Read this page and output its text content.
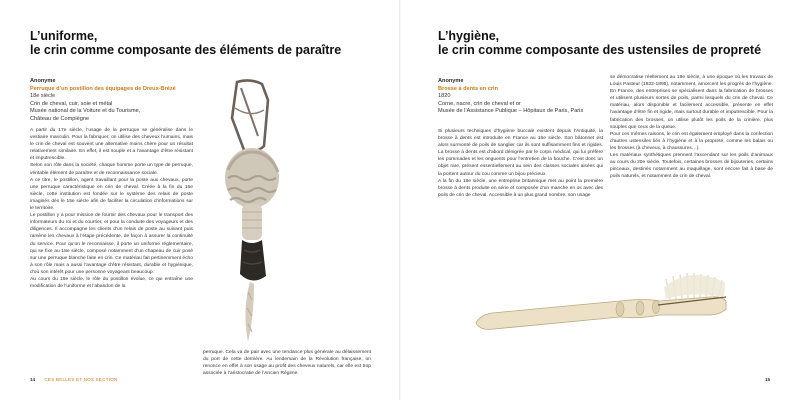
L’uniforme,
le crin comme composante des éléments de paraître
Anonyme
Perruque d’un postillon des équipages de Dreux-Brézé
18e siècle
Crin de cheval, cuir, soie et métal
Musée national de la Voiture et du Tourisme,
Château de Compiègne

A partir du 17e siècle, l’usage de la perruque se généralise dans le vestiaire masculin. Pour la fabriquer, on utilise des cheveux humains, mais le crin de cheval est souvent une alternative moins chère pour un résultat relativement similaire. En effet, il est souple et a l’avantage d’être résistant et imputrescible.

Selon son rôle dans la société, chaque homme porte un type de perruque, véritable élément de paraître et de reconnaissance sociale.

A ce titre, le postillon, agent travaillant pour la poste aux chevaux, porte une perruque caractéristique en crin de cheval. Créée à la fin du 16e siècle, cette institution est fondée sur le système des relais de poste imaginés dès le 15e siècle afin de faciliter la circulation d’informations sur le territoire.

Le postillon y a pour mission de fournir des chevaux pour le transport des informateurs du roi et du courrier, et pour la conduite des voyageurs et des diligences. Il accompagne les clients d’un relais de poste au suivant puis ramène les chevaux à l’étape précédente, de façon à assurer la continuité du service. Pour qu’on le reconnaisse, il porte un uniforme réglementaire, qui se fixe au 18e siècle, composé notamment d’un chapeau de cuir posé sur une perruque blanche faite en crin. Ce matériau fait pertinemment écho à son rôle mais a aussi l’avantage d’être résistant, durable et hygiénique, d’où son intérêt pour une personne voyageant beaucoup.

Au cours du 19e siècle, le rôle du postillon évolue, ce qui entraîne une modification de l’uniforme et l’abandon de la

perruque. Cela va de pair avec une tendance plus générale au délaissement du port de cette dernière. Au lendemain de la Révolution française, on renonce en effet à son usage au profit des cheveux naturels, car elle est trop associée à l’aristocratie de l’Ancien Régime.

14 CES BELLES ET NOS SECTION
L’hygiène,
le crin comme composante des ustensiles de propreté
Anonyme
Brosse à dents en crin
1820
Corne, nacre, crin de cheval et or
Musée de l’Assistance Publique – Hôpitaux de Paris, Paris

Si plusieurs techniques d’hygiène buccale existent depuis l’Antiquité, la brosse à dents est introduite en France au 16e siècle. Son bâtonnet est alors surmonté de poils de sanglier car ils sont suffisamment fins et rigides. La brosse à dents est d’abord dénigrée par le corps médical, qui lui préfère les pommades et les onguents pour l’entretien de la bouche. C’est donc un objet rare, présent essentiellement au sein des classes sociales aisées qui la portent autour du cou comme un bijou précieux.

A la fin du 18e siècle, une entreprise britannique met au point la première brosse à dents produite en série et composée d’un manche en os avec des poils de crin de cheval. Accessible à un plus grand nombre, son usage

se démocratise réellement au 19e siècle, à une époque où les travaux de Louis Pasteur (1822-1895), notamment, amorcent les progrès de l’hygiène. En France, des entreprises se spécialisent dans la fabrication de brosses et utilisent plusieurs sortes de poils, parmi lesquels du crin de cheval. Ce matériau, alors disponible et facilement accessible, présente en effet l’avantage d’être fin et rigide, mais surtout durable et imputrescible. Pour la fabrication des brosses, on utilise plutôt les poils de la crinière, plus souples que ceux de la queue.

Pour ces mêmes raisons, le crin est également employé dans la confection d’autres ustensiles liés à l’hygiène et à la propreté, comme les balais ou les brosses (à cheveux, à chaussures…).

Les matériaux synthétiques prennent l’ascendant sur les poils d’animaux au cours du 20e siècle. Toutefois, certaines brosses de bijouteries, certains pinceaux, destinés notamment au maquillage, sont encore fait à base de poils naturels, et notamment de crin de cheval.

15
